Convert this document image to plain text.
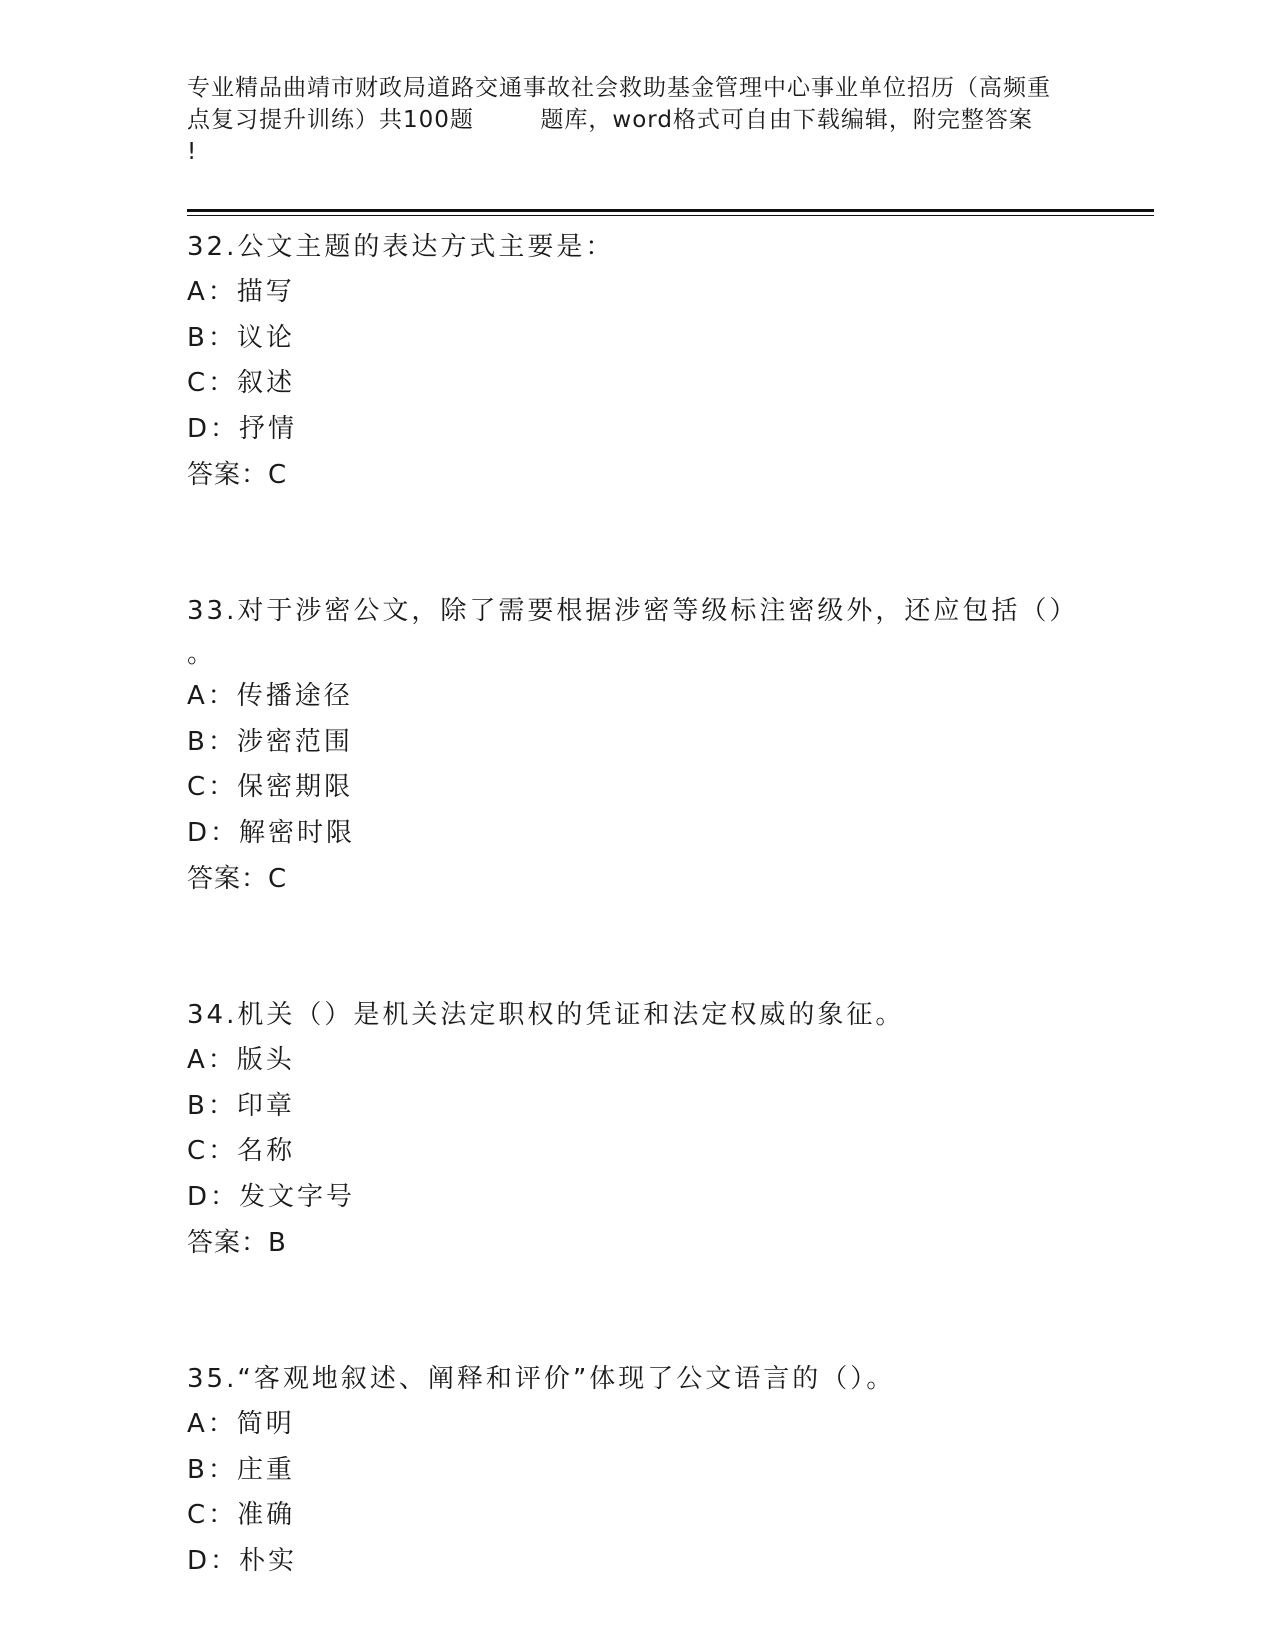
专业精品曲靖市财政局道路交通事故社会救助基金管理中心事业单位招历（高频重
点复习提升训练）共100题        题库，word格式可自由下载编辑，附完整答案
!
32.公文主题的表达方式主要是：
A：描写
B：议论
C：叙述
D：抒情
答案：C
33.对于涉密公文，除了需要根据涉密等级标注密级外，还应包括（）
。
A：传播途径
B：涉密范围
C：保密期限
D：解密时限
答案：C
34.机关（）是机关法定职权的凭证和法定权威的象征。
A：版头
B：印章
C：名称
D：发文字号
答案：B
35.“客观地叙述、阐释和评价”体现了公文语言的（）。
A：简明
B：庄重
C：准确
D：朴实
